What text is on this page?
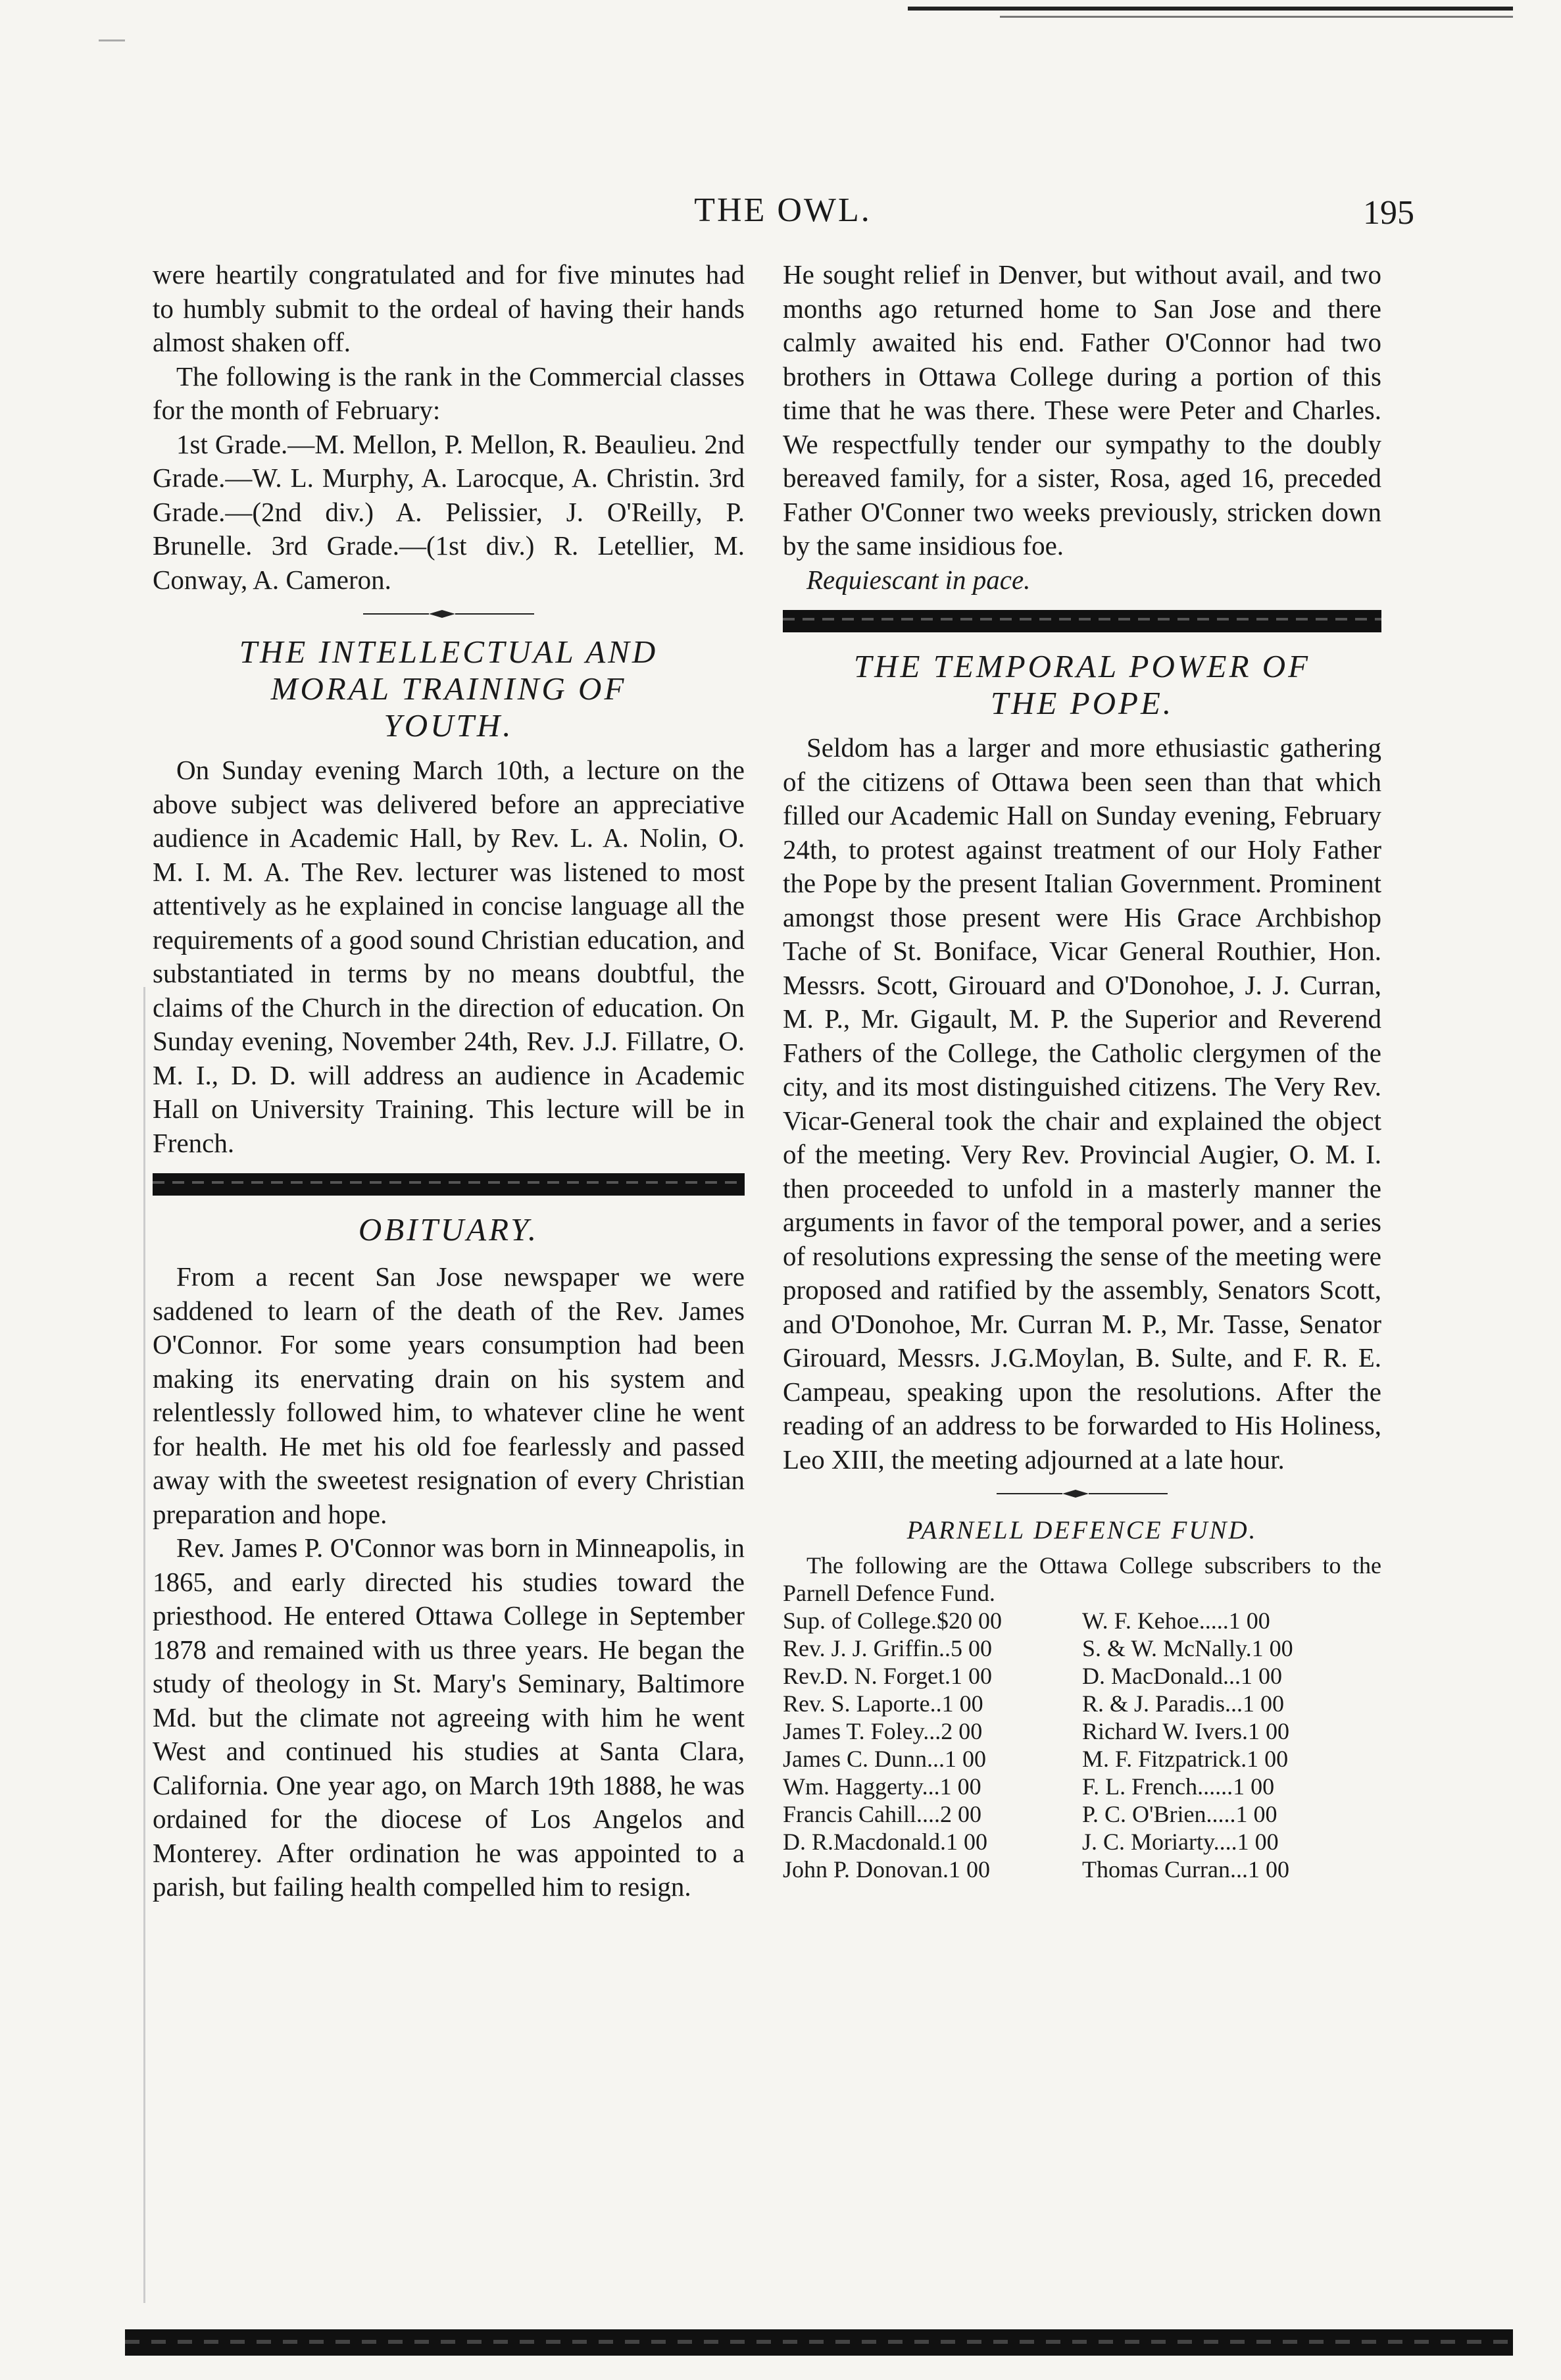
THE OWL.	195

were heartily congratulated and for five minutes had to humbly submit to the ordeal of having their hands almost shaken off.

The following is the rank in the Commercial classes for the month of February:

1st Grade.—M. Mellon, P. Mellon, R. Beaulieu. 2nd Grade.—W. L. Murphy, A. Larocque, A. Christin. 3rd Grade.—(2nd div.) A. Pelissier, J. O'Reilly, P. Brunelle. 3rd Grade.—(1st div.) R. Letellier, M. Conway, A. Cameron.

THE INTELLECTUAL AND

MORAL TRAINING OF

YOUTH.

On Sunday evening March 10th, a lecture on the above subject was delivered before an appreciative audience in Academic Hall, by Rev. L. A. Nolin, O. M. I. M. A. The Rev. lecturer was listened to most attentively as he explained in concise language all the requirements of a good sound Christian education, and substantiated in terms by no means doubtful, the claims of the Church in the direction of education. On Sunday evening, November 24th, Rev. J.J. Fillatre, O. M. I., D. D. will address an audience in Academic Hall on University Training. This lecture will be in French.

OBITUARY.

From a recent San Jose newspaper we were saddened to learn of the death of the Rev. James O'Connor. For some years consumption had been making its enervating drain on his system and relentlessly followed him, to whatever cline he went for health. He met his old foe fearlessly and passed away with the sweetest resignation of every Christian preparation and hope.

Rev. James P. O'Connor was born in Minneapolis, in 1865, and early directed his studies toward the priesthood. He entered Ottawa College in September 1878 and remained with us three years. He began the study of theology in St. Mary's Seminary, Baltimore Md. but the climate not agreeing with him he went West and continued his studies at Santa Clara, California. One year ago, on March 19th 1888, he was ordained for the diocese of Los Angelos and Monterey. After ordination he was appointed to a parish, but failing health compelled him to resign.

He sought relief in Denver, but without avail, and two months ago returned home to San Jose and there calmly awaited his end. Father O'Connor had two brothers in Ottawa College during a portion of this time that he was there. These were Peter and Charles. We respectfully tender our sympathy to the doubly bereaved family, for a sister, Rosa, aged 16, preceded Father O'Conner two weeks previously, stricken down by the same insidious foe.

Requiescant in pace.

THE TEMPORAL POWER OF

THE POPE.

Seldom has a larger and more ethusiastic gathering of the citizens of Ottawa been seen than that which filled our Academic Hall on Sunday evening, February 24th, to protest against treatment of our Holy Father the Pope by the present Italian Government. Prominent amongst those present were His Grace Archbishop Tache of St. Boniface, Vicar General Routhier, Hon. Messrs. Scott, Girouard and O'Donohoe, J. J. Curran, M. P., Mr. Gigault, M. P. the Superior and Reverend Fathers of the College, the Catholic clergymen of the city, and its most distinguished citizens. The Very Rev. Vicar-General took the chair and explained the object of the meeting. Very Rev. Provincial Augier, O. M. I. then proceeded to unfold in a masterly manner the arguments in favor of the temporal power, and a series of resolutions expressing the sense of the meeting were proposed and ratified by the assembly, Senators Scott, and O'Donohoe, Mr. Curran M. P., Mr. Tasse, Senator Girouard, Messrs. J.G.Moylan, B. Sulte, and F. R. E. Campeau, speaking upon the resolutions. After the reading of an address to be forwarded to His Holiness, Leo XIII, the meeting adjourned at a late hour.

PARNELL DEFENCE FUND.

The following are the Ottawa College subscribers to the Parnell Defence Fund.

Sup. of College.$20 00	W. F. Kehoe.....1 00
Rev. J. J. Griffin..5 00	S. & W. McNally.1 00
Rev.D. N. Forget.1 00	D. MacDonald...1 00
Rev. S. Laporte..1 00	R. & J. Paradis...1 00
James T. Foley...2 00	Richard W. Ivers.1 00
James C. Dunn...1 00	M. F. Fitzpatrick.1 00
Wm. Haggerty...1 00	F. L. French......1 00
Francis Cahill....2 00	P. C. O'Brien.....1 00
D. R.Macdonald.1 00	J. C. Moriarty....1 00
John P. Donovan.1 00	Thomas Curran...1 00
